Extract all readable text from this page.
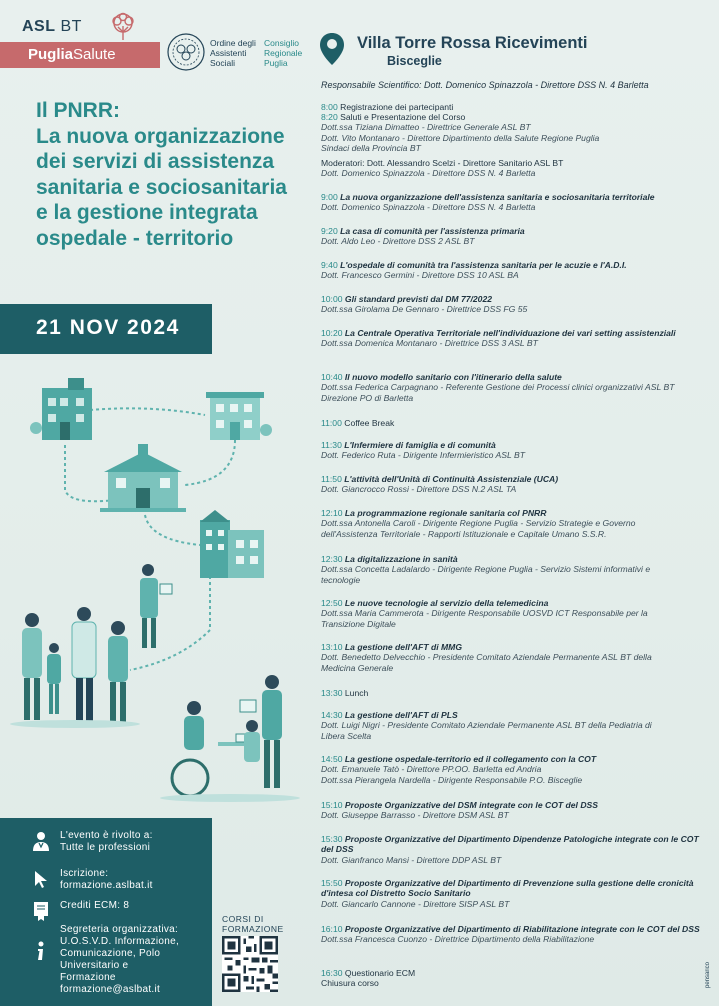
ASL BT
PugliaSalute
Ordine degli
Assistenti
Sociali
Consiglio
Regionale
Puglia
Il PNRR:
La nuova organizzazione
dei servizi di assistenza
sanitaria e sociosanitaria
e la gestione integrata
ospedale - territorio
21 NOV 2024
L'evento è rivolto a:
Tutte le professioni
Iscrizione:
formazione.aslbat.it
Crediti ECM: 8
Segreteria organizzativa:
U.O.S.V.D. Informazione,
Comunicazione, Polo
Universitario e
Formazione
formazione@aslbat.it
CORSI DI
FORMAZIONE
Villa Torre Rossa Ricevimenti
Bisceglie
Responsabile Scientifico: Dott. Domenico Spinazzola - Direttore DSS N. 4 Barletta
8:00 Registrazione dei partecipanti
8:20 Saluti e Presentazione del Corso
Dott.ssa Tiziana Dimatteo - Direttrice Generale ASL BT
Dott. Vito Montanaro - Direttore Dipartimento della Salute Regione Puglia
Sindaci della Provincia BT
Moderatori: Dott. Alessandro Scelzi - Direttore Sanitario ASL BT
Dott. Domenico Spinazzola - Direttore DSS N. 4 Barletta
9:00 La nuova organizzazione dell'assistenza sanitaria e sociosanitaria territoriale
Dott. Domenico Spinazzola - Direttore DSS N. 4 Barletta
9:20 La casa di comunità per l'assistenza primaria
Dott. Aldo Leo - Direttore DSS 2 ASL BT
9:40 L'ospedale di comunità tra l'assistenza sanitaria per le acuzie e l'A.D.I.
Dott. Francesco Germini - Direttore DSS 10 ASL BA
10:00 Gli standard previsti dal DM 77/2022
Dott.ssa Girolama De Gennaro - Direttrice DSS FG 55
10:20 La Centrale Operativa Territoriale nell'individuazione dei vari setting assistenziali
Dott.ssa Domenica Montanaro - Direttrice DSS 3 ASL BT
10:40 Il nuovo modello sanitario con l'itinerario della salute
Dott.ssa Federica Carpagnano - Referente Gestione dei Processi clinici organizzativi ASL BT
Direzione PO di Barletta
11:00 Coffee Break
11:30 L'Infermiere di famiglia e di comunità
Dott. Federico Ruta - Dirigente Infermieristico ASL BT
11:50 L'attività dell'Unità di Continuità Assistenziale (UCA)
Dott. Giancrocco Rossi - Direttore DSS N.2 ASL TA
12:10 La programmazione regionale sanitaria col PNRR
Dott.ssa Antonella Caroli - Dirigente Regione Puglia - Servizio Strategie e Governo
dell'Assistenza Territoriale - Rapporti Istituzionale e Capitale Umano S.S.R.
12:30 La digitalizzazione in sanità
Dott.ssa Concetta Ladalardo - Dirigente Regione Puglia - Servizio Sistemi informativi e
tecnologie
12:50 Le nuove tecnologie al servizio della telemedicina
Dott.ssa Maria Cammerota - Dirigente Responsabile UOSVD ICT Responsabile per la
Transizione Digitale
13:10 La gestione dell'AFT di MMG
Dott. Benedetto Delvecchio - Presidente Comitato Aziendale Permanente ASL BT della
Medicina Generale
13:30 Lunch
14:30 La gestione dell'AFT di PLS
Dott. Luigi Nigri - Presidente Comitato Aziendale Permanente ASL BT della Pediatria di
Libera Scelta
14:50 La gestione ospedale-territorio ed il collegamento con la COT
Dott. Emanuele Tatò - Direttore PP.OO. Barletta ed Andria
Dott.ssa Pierangela Nardella - Dirigente Responsabile P.O. Bisceglie
15:10 Proposte Organizzative del DSM integrate con le COT del DSS
Dott. Giuseppe Barrasso - Direttore DSM ASL BT
15:30 Proposte Organizzative del Dipartimento Dipendenze Patologiche integrate con le COT del DSS
Dott. Gianfranco Mansi - Direttore DDP ASL BT
15:50 Proposte Organizzative del Dipartimento di Prevenzione sulla gestione delle cronicità d'intesa col Distretto Socio Sanitario
Dott. Giancarlo Cannone - Direttore SISP ASL BT
16:10 Proposte Organizzative del Dipartimento di Riabilitazione integrate con le COT del DSS
Dott.ssa Francesca Cuonzo - Direttrice Dipartimento della Riabilitazione
16:30 Questionario ECM
Chiusura corso	pensarico
